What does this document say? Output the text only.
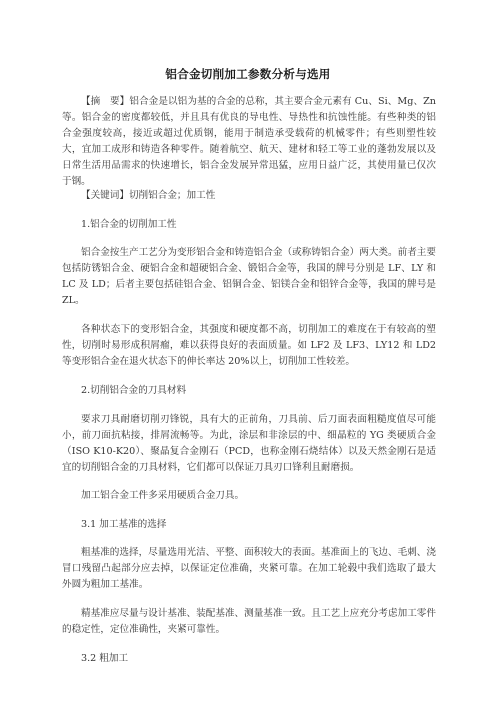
铝合金切削加工参数分析与选用

【摘　要】铝合金是以铝为基的合金的总称，其主要合金元素有 Cu、Si、Mg、Zn 等。铝合金的密度都较低，并且具有优良的导电性、导热性和抗蚀性能。有些种类的铝合金强度较高，接近或超过优质钢，能用于制造承受载荷的机械零件；有些则塑性较大，宜加工成形和铸造各种零件。随着航空、航天、建材和轻工等工业的蓬勃发展以及日常生活用品需求的快速增长，铝合金发展异常迅猛，应用日益广泛，其使用量已仅次于钢。

【关键词】切削铝合金；加工性

1.铝合金的切削加工性

铝合金按生产工艺分为变形铝合金和铸造铝合金（或称铸铝合金）两大类。前者主要包括防锈铝合金、硬铝合金和超硬铝合金、锻铝合金等，我国的牌号分别是 LF、LY 和 LC 及 LD；后者主要包括硅铝合金、铝铜合金、铝镁合金和铝锌合金等，我国的牌号是 ZL。

各种状态下的变形铝合金，其强度和硬度都不高，切削加工的难度在于有较高的塑性，切削时易形成积屑瘤，难以获得良好的表面质量。如 LF2 及 LF3、LY12 和 LD2 等变形铝合金在退火状态下的伸长率达 20%以上，切削加工性较差。

2.切削铝合金的刀具材料

要求刀具耐磨切削刃锋锐，具有大的正前角，刀具前、后刀面表面粗糙度值尽可能小，前刀面抗粘接，排屑流畅等。为此，涂层和非涂层的中、细晶粒的 YG 类硬质合金（ISO K10-K20）、聚晶复合金刚石（PCD，也称金刚石烧结体）以及天然金刚石是适宜的切削铝合金的刀具材料，它们都可以保证刀具刃口锋利且耐磨损。

加工铝合金工件多采用硬质合金刀具。

3.1 加工基准的选择

粗基准的选择，尽量选用光洁、平整、面积较大的表面。基准面上的飞边、毛刺、浇冒口残留凸起部分应去掉，以保证定位准确，夹紧可靠。在加工轮毂中我们选取了最大外圆为粗加工基准。

精基准应尽量与设计基准、装配基准、测量基准一致。且工艺上应充分考虑加工零件的稳定性，定位准确性，夹紧可靠性。

3.2 粗加工
